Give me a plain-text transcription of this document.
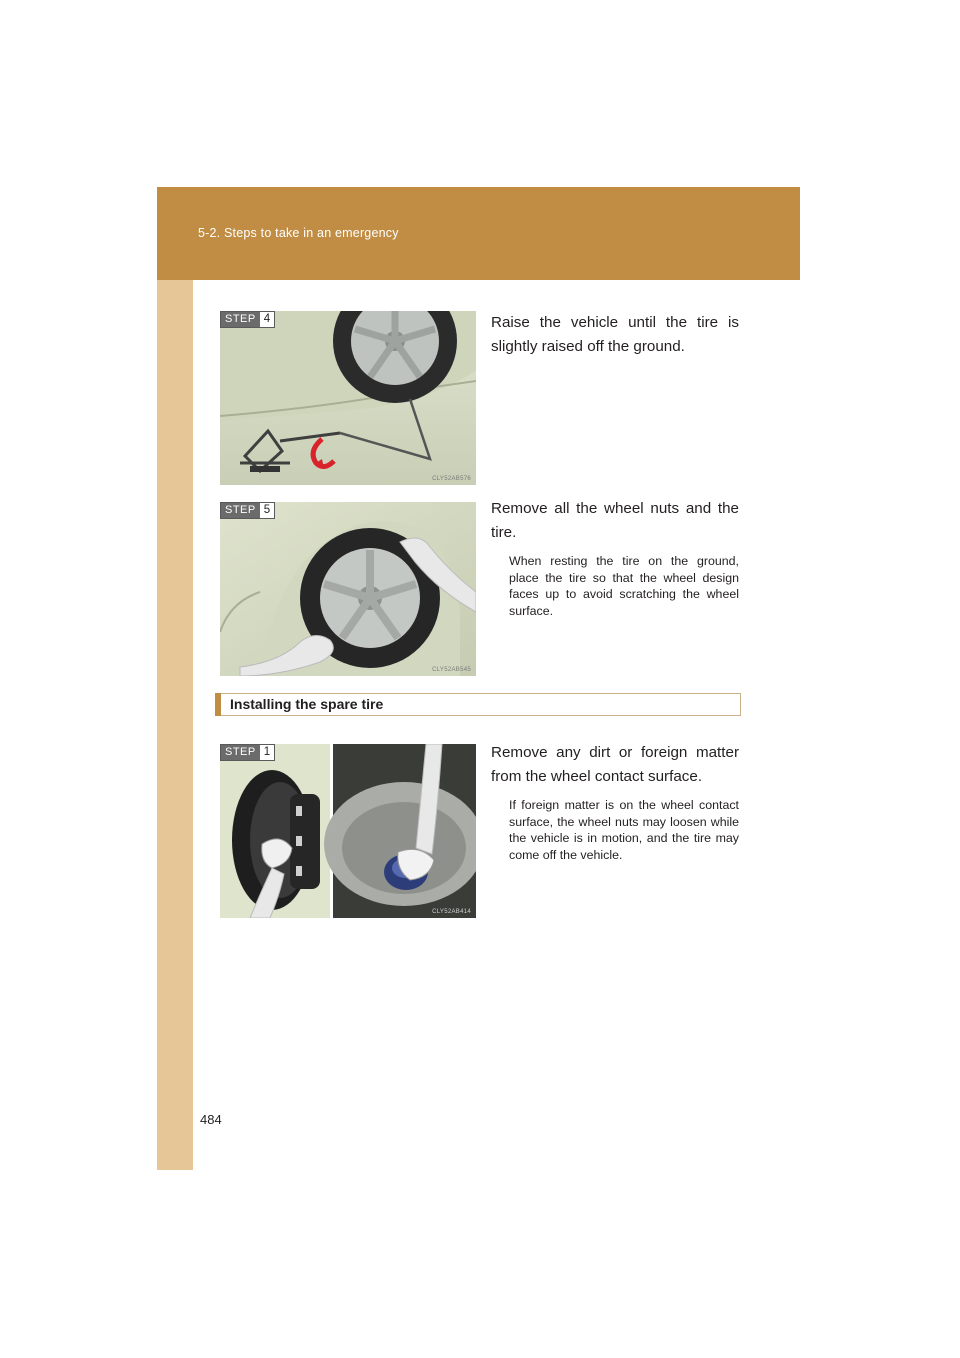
5-2. Steps to take in an emergency
STEP 4
CLY52AB576
Raise the vehicle until the tire is slightly raised off the ground.
STEP 5
CLY52AB545
Remove all the wheel nuts and the tire.
When resting the tire on the ground, place the tire so that the wheel design faces up to avoid scratching the wheel surface.
Installing the spare tire
STEP 1
CLY52AB414
Remove any dirt or foreign matter from the wheel contact surface.
If foreign matter is on the wheel contact surface, the wheel nuts may loosen while the vehicle is in motion, and the tire may come off the vehicle.
484
